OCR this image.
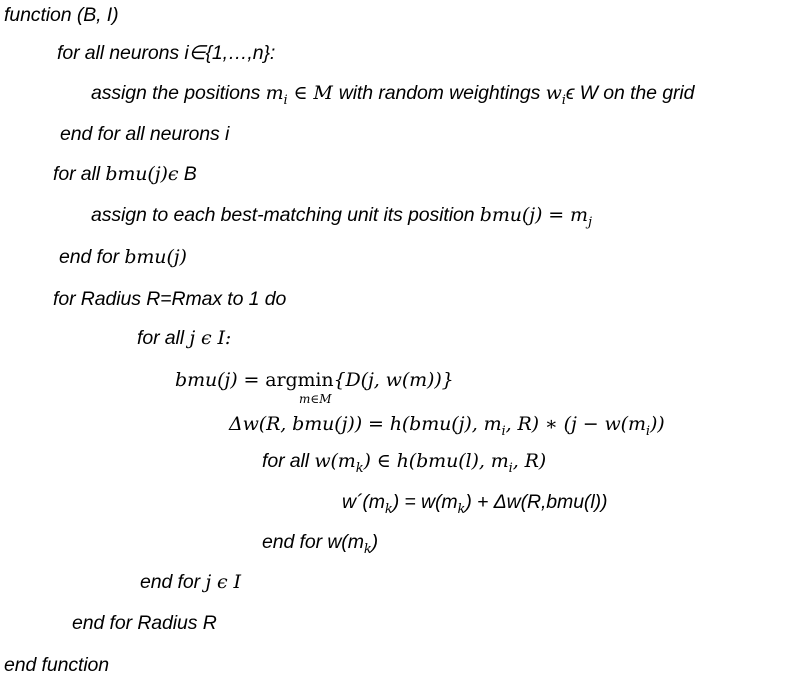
function (B, I)
for all neurons i∈{1,…,n}:
assign the positions $m_i$ ∈ M with random weightings $w_i\epsilon$ W on the grid
end for all neurons i
for all bmu(j)ϵ B
assign to each best-matching unit its position $bmu(j) = m_j$
end for bmu(j)
for Radius R=Rmax to 1 do
for all j ϵ I:
bmu(j) = argmin{D(j, w(m))}
m∈M
Δw(R, bmu(j)) = h(bmu(j), $m_i$, R) ∗ $(j - w(m_i))$
for all $w(m_k)$ ∈ h(bmu(l), $m_i$, R)
$w´(m_k) = w(m_k) + \Delta w(R,bmu(l))$
end for $w(m_k)$
end for j ϵ I
end for Radius R
end function
